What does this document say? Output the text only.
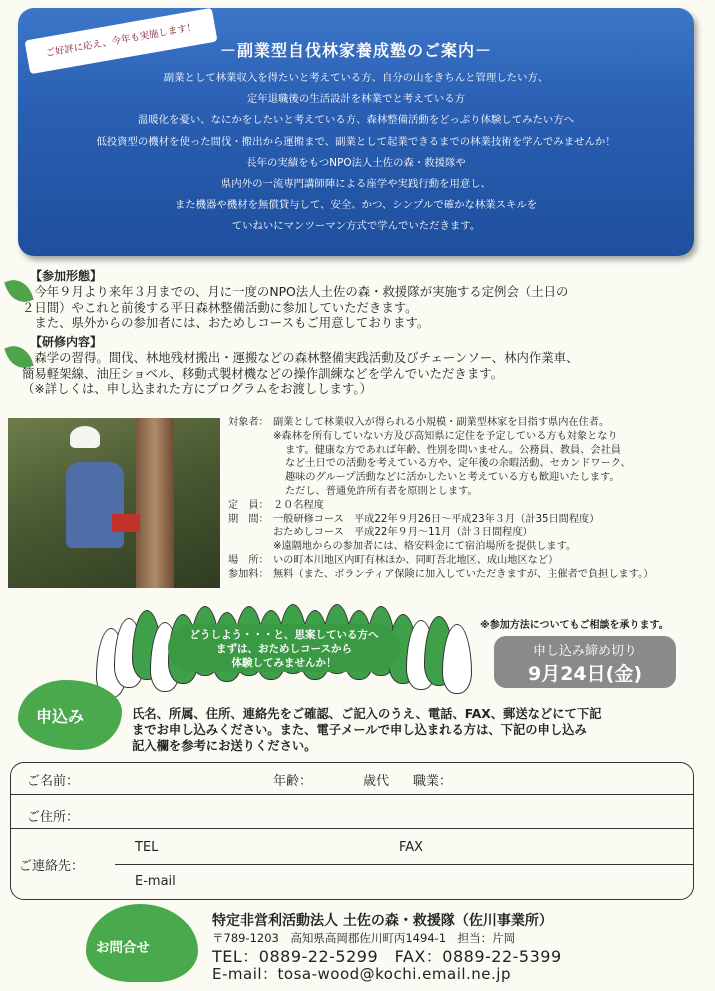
ご好評に応え、今年も実施します！	－副業型自伐林家養成塾のご案内－
副業として林業収入を得たいと考えている方、自分の山をきちんと管理したい方、
定年退職後の生活設計を林業でと考えている方
温暖化を憂い、なにかをしたいと考えている方、森林整備活動をどっぷり体験してみたい方へ
低投資型の機材を使った間伐・搬出から運搬まで、副業として起業できるまでの林業技術を学んでみませんか！
長年の実績をもつNPO法人土佐の森・救援隊や
県内外の一流専門講師陣による座学や実践行動を用意し、
また機器や機材を無償貸与して、安全、かつ、シンプルで確かな林業スキルを
ていねいにマンツーマン方式で学んでいただきます。
【参加形態】
　今年９月より来年３月までの、月に一度のNPO法人土佐の森・救援隊が実施する定例会（土日の
２日間）やこれと前後する平日森林整備活動に参加していただきます。
　また、県外からの参加者には、おためしコースもご用意しております。
【研修内容】
　森学の習得。間伐、林地残材搬出・運搬などの森林整備実践活動及びチェーンソー、林内作業車、
簡易軽架線、油圧ショベル、移動式製材機などの操作訓練などを学んでいただきます。
（※詳しくは、申し込まれた方にプログラムをお渡しします。）
対象者： 副業として林業収入が得られる小規模・副業型林家を目指す県内在住者。
※森林を所有していない方及び高知県に定住を予定している方も対象となり
ます。健康な方であれば年齢、性別を問いません。公務員、教員、会社員
など土日での活動を考えている方や、定年後の余暇活動、セカンドワーク、
趣味のグループ活動などに活かしたいと考えている方も歓迎いたします。
ただし、普通免許所有者を原則とします。
定　員： ２０名程度
期　間： 一般研修コース　平成22年９月26日～平成23年３月（計35日間程度）
おためしコース　平成22年９月～11月（計３日間程度）
※遠隔地からの参加者には、格安料金にて宿泊場所を提供します。
場　所： いの町本川地区内町有林ほか、同町吾北地区、成山地区など）
参加料： 無料（また、ボランティア保険に加入していただきますが、主催者で負担します。）
どうしよう・・・と、思案している方へ
まずは、おためしコースから
体験してみませんか！
※参加方法についてもご相談を承ります。
申し込み締め切り
9月24日(金)
申込み	氏名、所属、住所、連絡先をご確認、ご記入のうえ、電話、FAX、郵送などにて下記
までお申し込みください。また、電子メールで申し込まれる方は、下記の申し込み
記入欄を参考にお送りください。
ご名前：	年齢：	歳代 職業：
ご住所：
ご連絡先：
TEL	FAX
E-mail
お問合せ
特定非営利活動法人 土佐の森・救援隊（佐川事業所）
〒789-1203　高知県高岡郡佐川町丙1494-1　担当：片岡
TEL：0889-22-5299　FAX：0889-22-5399
E-mail：tosa-wood@kochi.email.ne.jp
